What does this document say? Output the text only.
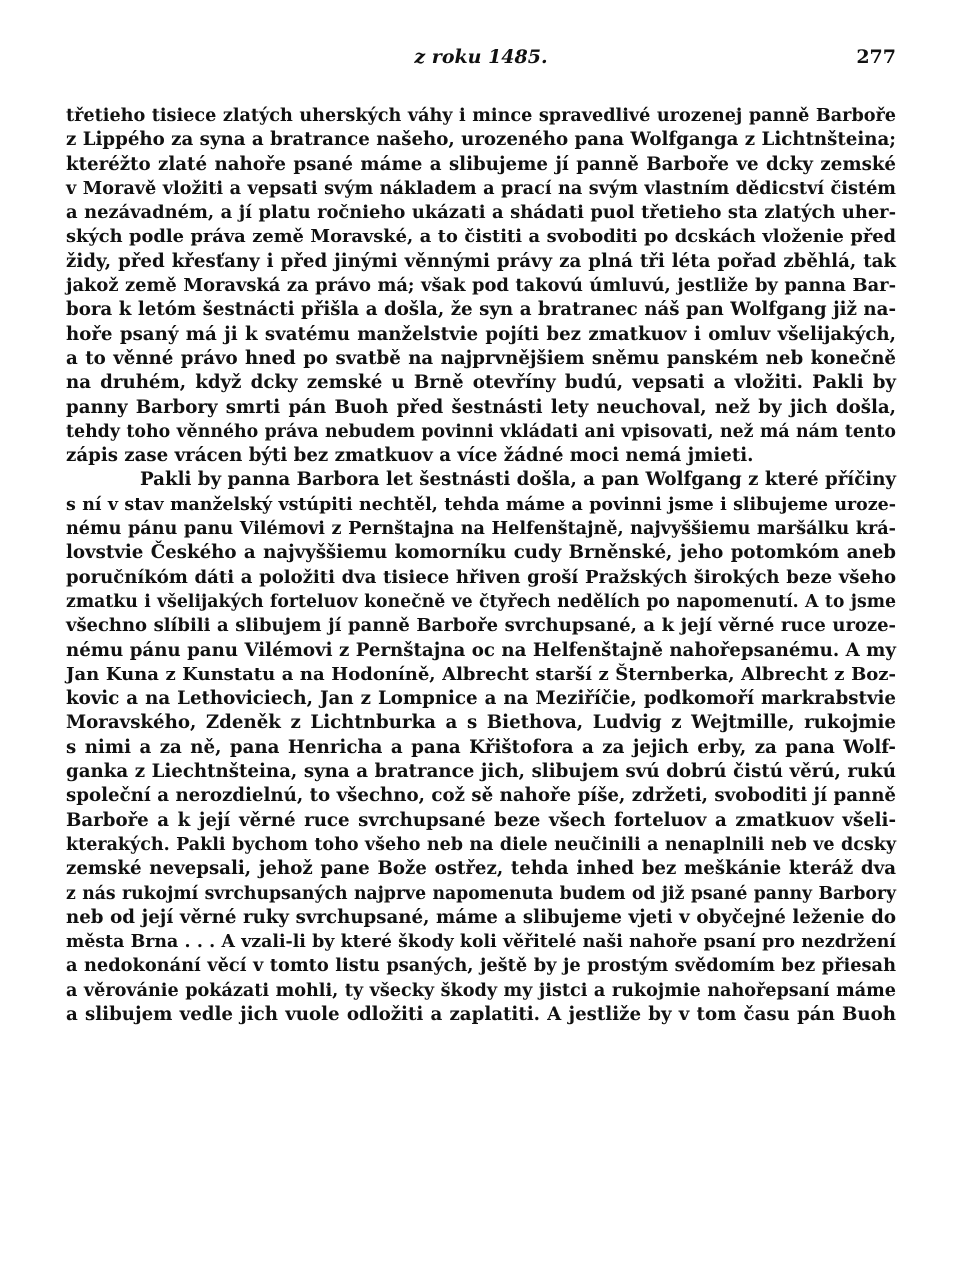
z roku 1485.	277
třetieho tisiece zlatých uherských váhy i mince spravedlivé urozenej panně Barboře
z Lippého za syna a bratrance našeho, urozeného pana Wolfganga z Lichtnšteina;
kteréžto zlaté nahoře psané máme a slibujeme jí panně Barboře ve dcky zemské
v Moravě vložiti a vepsati svým nákladem a prací na svým vlastním dědicství čistém
a nezávadném, a jí platu ročnieho ukázati a shádati puol třetieho sta zlatých uher-
ských podle práva země Moravské, a to čistiti a svoboditi po dcskách vloženie před
židy, před křesťany i před jinými věnnými právy za plná tři léta pořad zběhlá, tak
jakož země Moravská za právo má; však pod takovú úmluvú, jestliže by panna Bar-
bora k letóm šestnácti přišla a došla, že syn a bratranec náš pan Wolfgang již na-
hoře psaný má ji k svatému manželstvie pojíti bez zmatkuov i omluv všelijakých,
a to věnné právo hned po svatbě na najprvnějšiem sněmu panském neb konečně
na druhém, když dcky zemské u Brně otevříny budú, vepsati a vložiti. Pakli by
panny Barbory smrti pán Buoh před šestnásti lety neuchoval, než by jich došla,
tehdy toho věnného práva nebudem povinni vkládati ani vpisovati, než má nám tento
zápis zase vrácen býti bez zmatkuov a více žádné moci nemá jmieti.
Pakli by panna Barbora let šestnásti došla, a pan Wolfgang z které příčiny
s ní v stav manželský vstúpiti nechtěl, tehda máme a povinni jsme i slibujeme uroze-
nému pánu panu Vilémovi z Pernštajna na Helfenštajně, najvyššiemu maršálku krá-
lovstvie Českého a najvyššiemu komorníku cudy Brněnské, jeho potomkóm aneb
poručníkóm dáti a položiti dva tisiece hřiven groší Pražských širokých beze všeho
zmatku i všelijakých forteluov konečně ve čtyřech nedělích po napomenutí. A to jsme
všechno slíbili a slibujem jí panně Barboře svrchupsané, a k její věrné ruce uroze-
nému pánu panu Vilémovi z Pernštajna oc na Helfenštajně nahořepsanému. A my
Jan Kuna z Kunstatu a na Hodoníně, Albrecht starší z Šternberka, Albrecht z Boz-
kovic a na Lethoviciech, Jan z Lompnice a na Meziříčie, podkomoří markrabstvie
Moravského, Zdeněk z Lichtnburka a s Biethova, Ludvig z Wejtmille, rukojmie
s nimi a za ně, pana Henricha a pana Křištofora a za jejich erby, za pana Wolf-
ganka z Liechtnšteina, syna a bratrance jich, slibujem svú dobrú čistú věrú, rukú
společní a nerozdielnú, to všechno, což sě nahoře píše, zdržeti, svoboditi jí panně
Barboře a k její věrné ruce svrchupsané beze všech forteluov a zmatkuov všeli-
kterakých. Pakli bychom toho všeho neb na diele neučinili a nenaplnili neb ve dcsky
zemské nevepsali, jehož pane Bože ostřez, tehda inhed bez meškánie kteráž dva
z nás rukojmí svrchupsaných najprve napomenuta budem od již psané panny Barbory
neb od její věrné ruky svrchupsané, máme a slibujeme vjeti v obyčejné leženie do
města Brna . . . A vzali-li by které škody koli věřitelé naši nahoře psaní pro nezdržení
a nedokonání věcí v tomto listu psaných, ještě by je prostým svědomím bez přiesah
a věrovánie pokázati mohli, ty všecky škody my jistci a rukojmie nahořepsaní máme
a slibujem vedle jich vuole odložiti a zaplatiti. A jestliže by v tom času pán Buoh
